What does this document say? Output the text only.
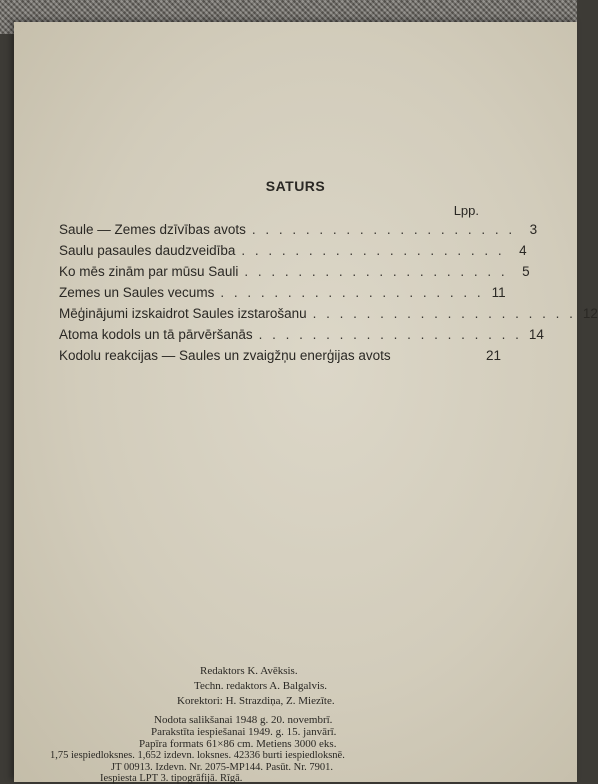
SATURS
Lpp.
Saule — Zemes dzīvības avots . . . . . . . . . . . . . . . . . . . .	3
Saulu pasaules daudzveidība . . . . . . . . . . . . . . . . . . . .	4
Ko mēs zinām par mūsu Sauli . . . . . . . . . . . . . . . . . . . .	5
Zemes un Saules vecums . . . . . . . . . . . . . . . . . . . . 11
Mēģinājumi izskaidrot Saules izstarošanu . . . . . . . . . . . . . . . . . . . . 12
Atoma kodols un tā pārvēršanās . . . . . . . . . . . . . . . . . . . . 14
Kodolu reakcijas — Saules un zvaigžņu enerģijas avots	21
Redaktors K. Avēksis.
Techn. redaktors A. Balgalvis.
Korektori: H. Strazdiņa, Z. Miezīte.
Nodota salikšanai 1948 g. 20. novembrī.
Parakstīta iespiešanai 1949. g. 15. janvārī.
Papīra formats 61×86 cm. Metiens 3000 eks.
1,75 iespiedloksnes. 1,652 izdevn. loksnes. 42336 burti iespiedloksnē.
JT 00913. Izdevn. Nr. 2075-MP144. Pasūt. Nr. 7901.
Iespiesta LPT 3. tipogrāfijā. Rīgā.
